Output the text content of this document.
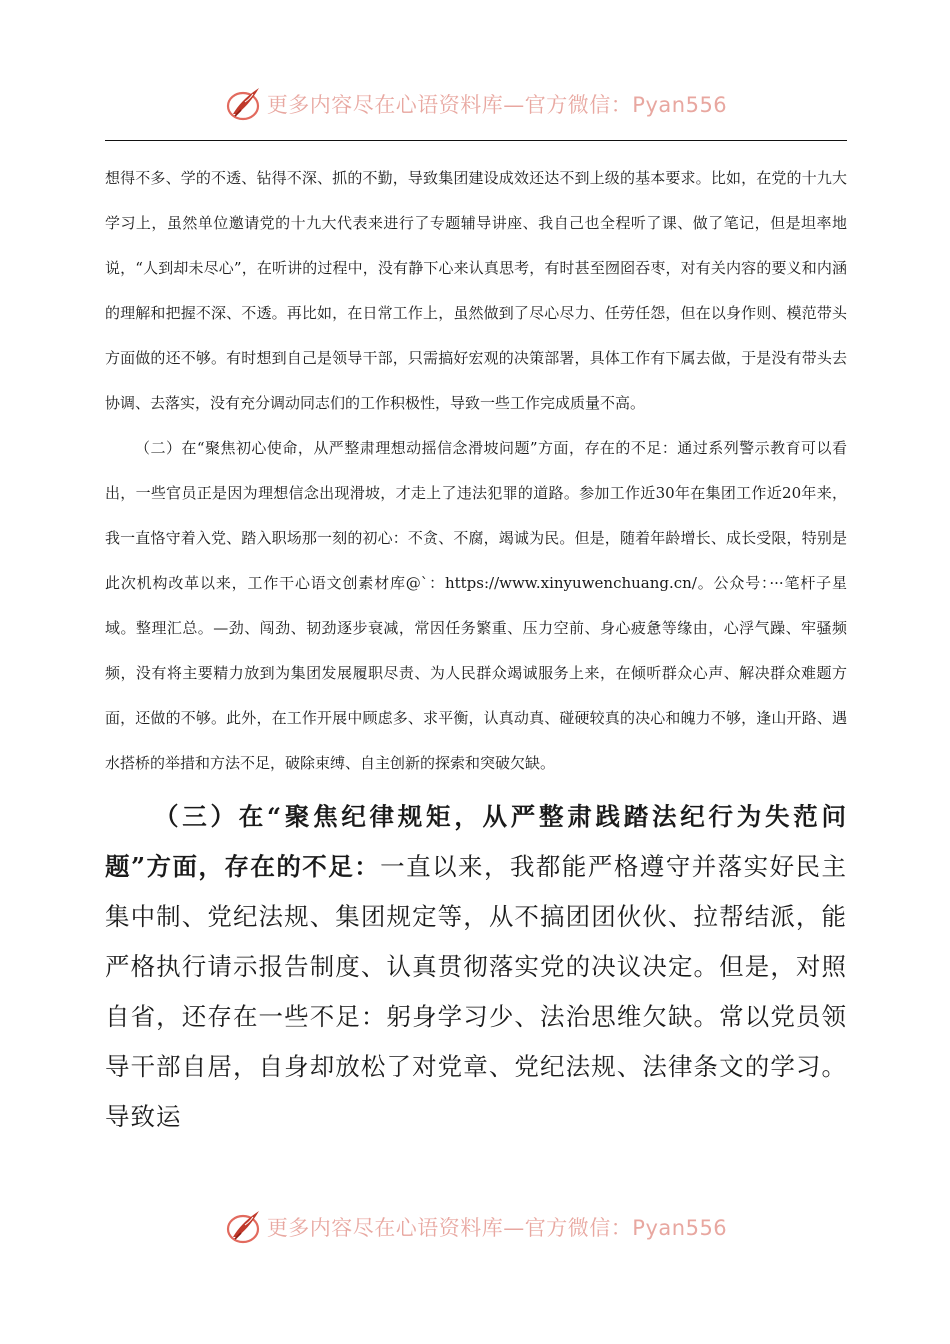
更多内容尽在心语资料库—官方微信：Pyan556

想得不多、学的不透、钻得不深、抓的不勤，导致集团建设成效还达不到上级的基本要求。比如，在党的十九大学习上，虽然单位邀请党的十九大代表来进行了专题辅导讲座、我自己也全程听了课、做了笔记，但是坦率地说，“人到却未尽心”，在听讲的过程中，没有静下心来认真思考，有时甚至囫囵吞枣，对有关内容的要义和内涵的理解和把握不深、不透。再比如，在日常工作上，虽然做到了尽心尽力、任劳任怨，但在以身作则、模范带头方面做的还不够。有时想到自己是领导干部，只需搞好宏观的决策部署，具体工作有下属去做，于是没有带头去协调、去落实，没有充分调动同志们的工作积极性，导致一些工作完成质量不高。

（二）在“聚焦初心使命，从严整肃理想动摇信念滑坡问题”方面，存在的不足：通过系列警示教育可以看出，一些官员正是因为理想信念出现滑坡，才走上了违法犯罪的道路。参加工作近30年在集团工作近20年来，我一直恪守着入党、踏入职场那一刻的初心：不贪、不腐，竭诚为民。但是，随着年龄增长、成长受限，特别是此次机构改革以来，工作干心语文创素材库@`：https://www.xinyuwenchuang.cn/。公众号：···笔杆子星域。整理汇总。—劲、闯劲、韧劲逐步衰减，常因任务繁重、压力空前、身心疲惫等缘由，心浮气躁、牢骚频频，没有将主要精力放到为集团发展履职尽责、为人民群众竭诚服务上来，在倾听群众心声、解决群众难题方面，还做的不够。此外，在工作开展中顾虑多、求平衡，认真动真、碰硬较真的决心和魄力不够，逢山开路、遇水搭桥的举措和方法不足，破除束缚、自主创新的探索和突破欠缺。

（三）在“聚焦纪律规矩，从严整肃践踏法纪行为失范问题”方面，存在的不足：一直以来，我都能严格遵守并落实好民主集中制、党纪法规、集团规定等，从不搞团团伙伙、拉帮结派，能严格执行请示报告制度、认真贯彻落实党的决议决定。但是，对照自省，还存在一些不足：躬身学习少、法治思维欠缺。常以党员领导干部自居，自身却放松了对党章、党纪法规、法律条文的学习。导致运

更多内容尽在心语资料库—官方微信：Pyan556
